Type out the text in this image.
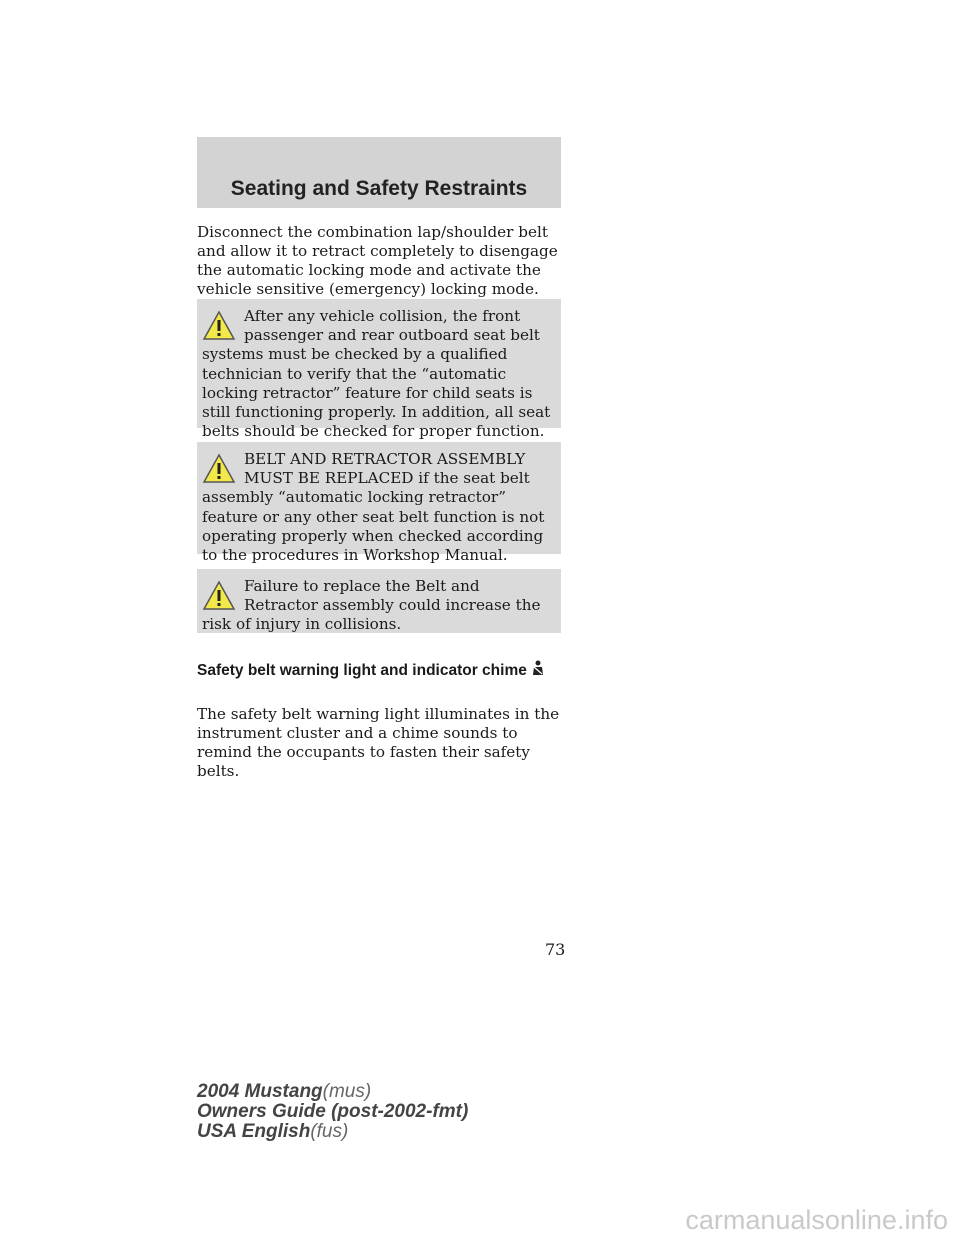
Seating and Safety Restraints
Disconnect the combination lap/shoulder belt and allow it to retract completely to disengage the automatic locking mode and activate the vehicle sensitive (emergency) locking mode.
After any vehicle collision, the front passenger and rear outboard seat belt systems must be checked by a qualified technician to verify that the “automatic locking retractor” feature for child seats is still functioning properly. In addition, all seat belts should be checked for proper function.
BELT AND RETRACTOR ASSEMBLY MUST BE REPLACED if the seat belt assembly “automatic locking retractor” feature or any other seat belt function is not operating properly when checked according to the procedures in Workshop Manual.
Failure to replace the Belt and Retractor assembly could increase the risk of injury in collisions.
Safety belt warning light and indicator chime
The safety belt warning light illuminates in the instrument cluster and a chime sounds to remind the occupants to fasten their safety belts.
73
2004 Mustang(mus)
Owners Guide (post-2002-fmt)
USA English(fus)
carmanualsonline.info
